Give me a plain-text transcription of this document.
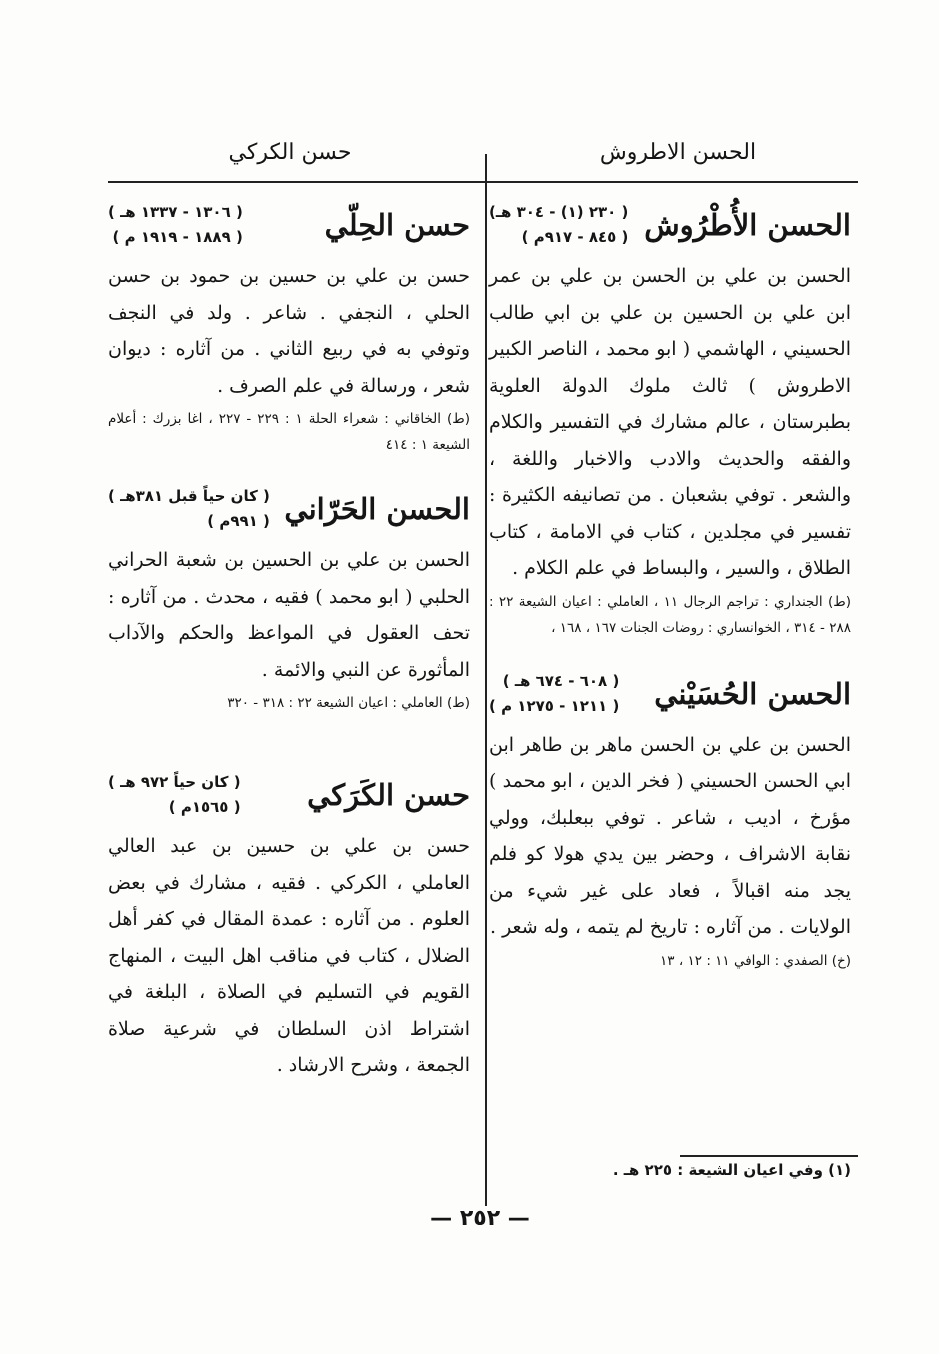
الحسن الاطروش
حسن الكركي
الحسن الأُطْرُوش
( ٢٣٠ (١) - ٣٠٤ هـ)
( ٨٤٥ - ٩١٧م )
الحسن بن علي بن الحسن بن علي بن عمر ابن علي بن الحسين بن علي بن ابي طالب الحسيني ، الهاشمي ( ابو محمد ، الناصر الكبير الاطروش ) ثالث ملوك الدولة العلوية بطبرستان ، عالم مشارك في التفسير والكلام والفقه والحديث والادب والاخبار واللغة ، والشعر . توفي بشعبان . من تصانيفه الكثيرة : تفسير في مجلدين ، كتاب في الامامة ، كتاب الطلاق ، والسير ، والبساط في علم الكلام .
(ط) الجنداري : تراجم الرجال ١١ ، العاملي : اعيان الشيعة ٢٢ : ٢٨٨ - ٣١٤ ، الخوانساري : روضات الجنات ١٦٧ ، ١٦٨ ،
الحسن الحُسَيْني
( ٦٠٨ - ٦٧٤ هـ )
( ١٢١١ - ١٢٧٥ م )
الحسن بن علي بن الحسن ماهر بن طاهر ابن ابي الحسن الحسيني ( فخر الدين ، ابو محمد ) مؤرخ ، اديب ، شاعر . توفي ببعلبك، وولي نقابة الاشراف ، وحضر بين يدي هولا كو فلم يجد منه اقبالاً ، فعاد على غير شيء من الولايات . من آثاره : تاريخ لم يتمه ، وله شعر .
(خ) الصفدي : الوافي ١١ : ١٢ ، ١٣
حسن الحِلّي
( ١٣٠٦ - ١٣٣٧ هـ )
( ١٨٨٩ - ١٩١٩ م )
حسن بن علي بن حسين بن حمود بن حسن الحلي ، النجفي . شاعر . ولد في النجف وتوفي به في ربيع الثاني . من آثاره : ديوان شعر ، ورسالة في علم الصرف .
(ط) الخاقاني : شعراء الحلة ١ : ٢٢٩ - ٢٢٧ ، اغا بزرك : أعلام الشيعة ١ : ٤١٤
الحسن الحَرّاني
( كان حياً قبل ٣٨١هـ )
( ٩٩١م )
الحسن بن علي بن الحسين بن شعبة الحراني الحلبي ( ابو محمد ) فقيه ، محدث . من آثاره : تحف العقول في المواعظ والحكم والآداب المأثورة عن النبي والائمة .
(ط) العاملي : اعيان الشيعة ٢٢ : ٣١٨ - ٣٢٠
حسن الكَرَكي
( كان حياً ٩٧٢ هـ )
( ١٥٦٥م )
حسن بن علي بن حسين بن عبد العالي العاملي ، الكركي . فقيه ، مشارك في بعض العلوم . من آثاره : عمدة المقال في كفر أهل الضلال ، كتاب في مناقب اهل البيت ، المنهاج القويم في التسليم في الصلاة ، البلغة في اشتراط اذن السلطان في شرعية صلاة الجمعة ، وشرح الارشاد .
(١) وفي اعيان الشيعة : ٢٢٥ هـ .
— ٢٥٢ —
